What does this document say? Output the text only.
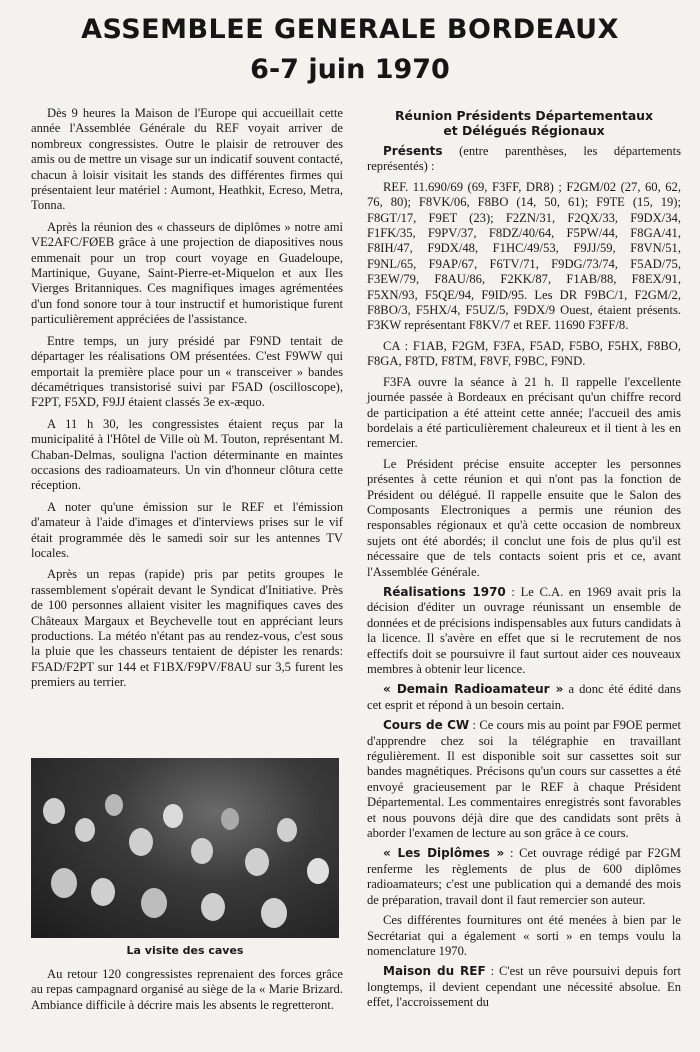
ASSEMBLEE GENERALE BORDEAUX
6-7 juin 1970

Dès 9 heures la Maison de l'Europe qui accueillait cette année l'Assemblée Générale du REF voyait arriver de nombreux congressistes. Outre le plaisir de retrouver des amis ou de mettre un visage sur un indicatif souvent contacté, chacun à loisir visitait les stands des différentes firmes qui présentaient leur matériel : Aumont, Heathkit, Ecreso, Metra, Tonna.

Après la réunion des « chasseurs de diplômes » notre ami VE2AFC/FØEB grâce à une projection de diapositives nous emmenait pour un trop court voyage en Guadeloupe, Martinique, Guyane, Saint-Pierre-et-Miquelon et aux Iles Vierges Britanniques. Ces magnifiques images agrémentées d'un fond sonore tour à tour instructif et humoristique furent particulièrement appréciées de l'assistance.

Entre temps, un jury présidé par F9ND tentait de départager les réalisations OM présentées. C'est F9WW qui emportait la première place pour un « transceiver » bandes décamétriques transistorisé suivi par F5AD (oscilloscope), F2PT, F5XD, F9JJ étaient classés 3e ex-æquo.

A 11 h 30, les congressistes étaient reçus par la municipalité à l'Hôtel de Ville où M. Touton, représentant M. Chaban-Delmas, souligna l'action déterminante en maintes occasions des radioamateurs. Un vin d'honneur clôtura cette réception.

A noter qu'une émission sur le REF et l'émission d'amateur à l'aide d'images et d'interviews prises sur le vif était programmée dès le samedi soir sur les antennes TV locales.

Après un repas (rapide) pris par petits groupes le rassemblement s'opérait devant le Syndicat d'Initiative. Près de 100 personnes allaient visiter les magnifiques caves des Châteaux Margaux et Beychevelle tout en appréciant leurs productions. La météo n'étant pas au rendez-vous, c'est sous la pluie que les chasseurs tentaient de dépister les renards: F5AD/F2PT sur 144 et F1BX/F9PV/F8AU sur 3,5 furent les premiers au terrier.

La visite des caves

Au retour 120 congressistes reprenaient des forces grâce au repas campagnard organisé au siège de la « Marie Brizard. Ambiance difficile à décrire mais les absents le regretteront.

Réunion Présidents Départementaux
et Délégués Régionaux

Présents (entre parenthèses, les départements représentés) :

REF. 11.690/69 (69, F3FF, DR8) ; F2GM/02 (27, 60, 62, 76, 80); F8VK/06, F8BO (14, 50, 61); F9TE (15, 19); F8GT/17, F9ET (23); F2ZN/31, F2QX/33, F9DX/34, F1FK/35, F9PV/37, F8DZ/40/64, F5PW/44, F8GA/41, F8IH/47, F9DX/48, F1HC/49/53, F9JJ/59, F8VN/51, F9NL/65, F9AP/67, F6TV/71, F9DG/73/74, F5AD/75, F3EW/79, F8AU/86, F2KK/87, F1AB/88, F8EX/91, F5XN/93, F5QE/94, F9ID/95. Les DR F9BC/1, F2GM/2, F8BO/3, F5HX/4, F5UZ/5, F9DX/9 Ouest, étaient présents. F3KW représentant F8KV/7 et REF. 11690 F3FF/8.

CA : F1AB, F2GM, F3FA, F5AD, F5BO, F5HX, F8BO, F8GA, F8TD, F8TM, F8VF, F9BC, F9ND.

F3FA ouvre la séance à 21 h. Il rappelle l'excellente journée passée à Bordeaux en précisant qu'un chiffre record de participation a été atteint cette année; l'accueil des amis bordelais a été particulièrement chaleureux et il tient à les en remercier.

Le Président précise ensuite accepter les personnes présentes à cette réunion et qui n'ont pas la fonction de Président ou délégué. Il rappelle ensuite que le Salon des Composants Electroniques a permis une réunion des responsables régionaux et qu'à cette occasion de nombreux sujets ont été abordés; il conclut une fois de plus qu'il est nécessaire que de tels contacts soient pris et ce, avant l'Assemblée Générale.

Réalisations 1970 : Le C.A. en 1969 avait pris la décision d'éditer un ouvrage réunissant un ensemble de données et de précisions indispensables aux futurs candidats à la licence. Il s'avère en effet que si le recrutement de nos effectifs doit se poursuivre il faut surtout aider ces nouveaux membres à obtenir leur licence.

« Demain Radioamateur » a donc été édité dans cet esprit et répond à un besoin certain.

Cours de CW : Ce cours mis au point par F9OE permet d'apprendre chez soi la télégraphie en travaillant régulièrement. Il est disponible soit sur cassettes soit sur bandes magnétiques. Précisons qu'un cours sur cassettes a été envoyé gracieusement par le REF à chaque Président Départemental. Les commentaires enregistrés sont favorables et nous pouvons déjà dire que des candidats sont prêts à aborder l'examen de lecture au son grâce à ce cours.

« Les Diplômes » : Cet ouvrage rédigé par F2GM renferme les règlements de plus de 600 diplômes radioamateurs; c'est une publication qui a demandé des mois de préparation, travail dont il faut remercier son auteur.

Ces différentes fournitures ont été menées à bien par le Secrétariat qui a également « sorti » en temps voulu la nomenclature 1970.

Maison du REF : C'est un rêve poursuivi depuis fort longtemps, il devient cependant une nécessité absolue. En effet, l'accroissement du
